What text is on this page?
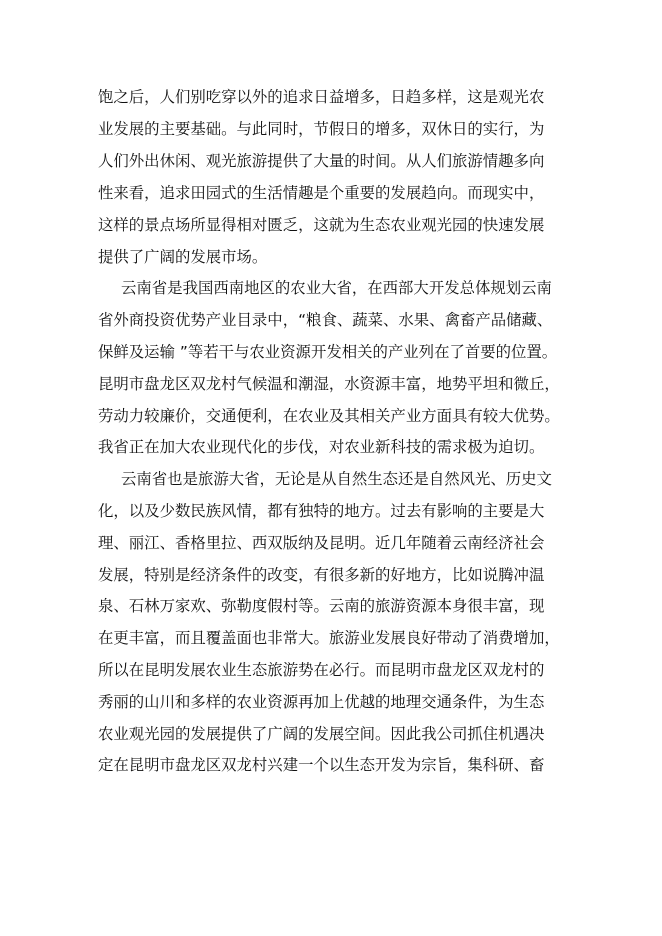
饱之后，人们别吃穿以外的追求日益增多，日趋多样，这是观光农
业发展的主要基础。与此同时，节假日的增多，双休日的实行，为
人们外出休闲、观光旅游提供了大量的时间。从人们旅游情趣多向
性来看，追求田园式的生活情趣是个重要的发展趋向。而现实中，
这样的景点场所显得相对匮乏，这就为生态农业观光园的快速发展
提供了广阔的发展市场。
云南省是我国西南地区的农业大省，在西部大开发总体规划云南
省外商投资优势产业目录中，“粮食、蔬菜、水果、禽畜产品储藏、
保鲜及运输 ”等若干与农业资源开发相关的产业列在了首要的位置。
昆明市盘龙区双龙村气候温和潮湿，水资源丰富，地势平坦和微丘，
劳动力较廉价，交通便利，在农业及其相关产业方面具有较大优势。
我省正在加大农业现代化的步伐，对农业新科技的需求极为迫切。
云南省也是旅游大省，无论是从自然生态还是自然风光、历史文
化，以及少数民族风情，都有独特的地方。过去有影响的主要是大
理、丽江、香格里拉、西双版纳及昆明。近几年随着云南经济社会
发展，特别是经济条件的改变，有很多新的好地方，比如说腾冲温
泉、石林万家欢、弥勒度假村等。云南的旅游资源本身很丰富，现
在更丰富，而且覆盖面也非常大。旅游业发展良好带动了消费增加，
所以在昆明发展农业生态旅游势在必行。而昆明市盘龙区双龙村的
秀丽的山川和多样的农业资源再加上优越的地理交通条件，为生态
农业观光园的发展提供了广阔的发展空间。因此我公司抓住机遇决
定在昆明市盘龙区双龙村兴建一个以生态开发为宗旨，集科研、畜
